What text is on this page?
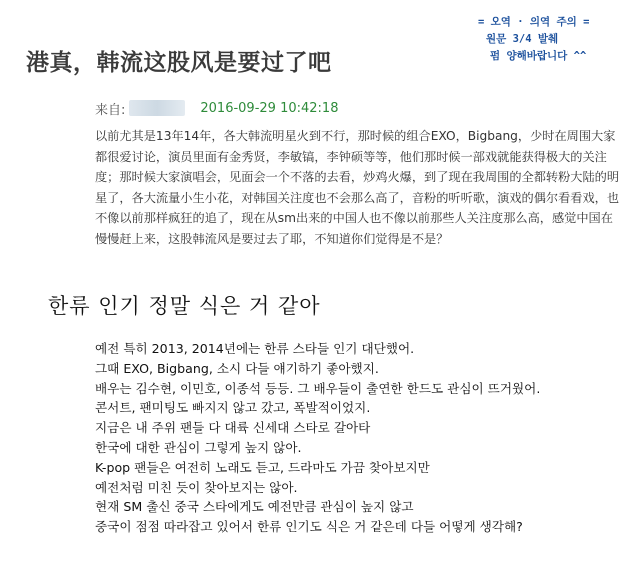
= 오역 · 의역 주의 =
원문 3/4 발췌
펌 양해바랍니다 ^^
港真，韩流这股风是要过了吧
来自:	2016-09-29 10:42:18
以前尤其是13年14年，各大韩流明星火到不行，那时候的组合EXO，Bigbang，少时在周围大家都很爱讨论，演员里面有金秀贤，李敏镐，李钟硕等等，他们那时候一部戏就能获得极大的关注度；那时候大家演唱会，见面会一个不落的去看，炒鸡火爆，到了现在我周围的全都转粉大陆的明星了，各大流量小生小花，对韩国关注度也不会那么高了，音粉的听听歌，演戏的偶尔看看戏，也不像以前那样疯狂的追了，现在从sm出来的中国人也不像以前那些人关注度那么高，感觉中国在慢慢赶上来，这股韩流风是要过去了耶，不知道你们觉得是不是？
한류 인기 정말 식은 거 같아
예전 특히 2013, 2014년에는 한류 스타들 인기 대단했어.
그때 EXO, Bigbang, 소시 다들 얘기하기 좋아했지.
배우는 김수현, 이민호, 이종석 등등. 그 배우들이 출연한 한드도 관심이 뜨거웠어.
콘서트, 팬미팅도 빠지지 않고 갔고, 폭발적이었지.
지금은 내 주위 팬들 다 대륙 신세대 스타로 갈아타
한국에 대한 관심이 그렇게 높지 않아.
K-pop 팬들은 여전히 노래도 듣고, 드라마도 가끔 찾아보지만
예전처럼 미친 듯이 찾아보지는 않아.
현재 SM 출신 중국 스타에게도 예전만큼 관심이 높지 않고
중국이 점점 따라잡고 있어서 한류 인기도 식은 거 같은데 다들 어떻게 생각해?
